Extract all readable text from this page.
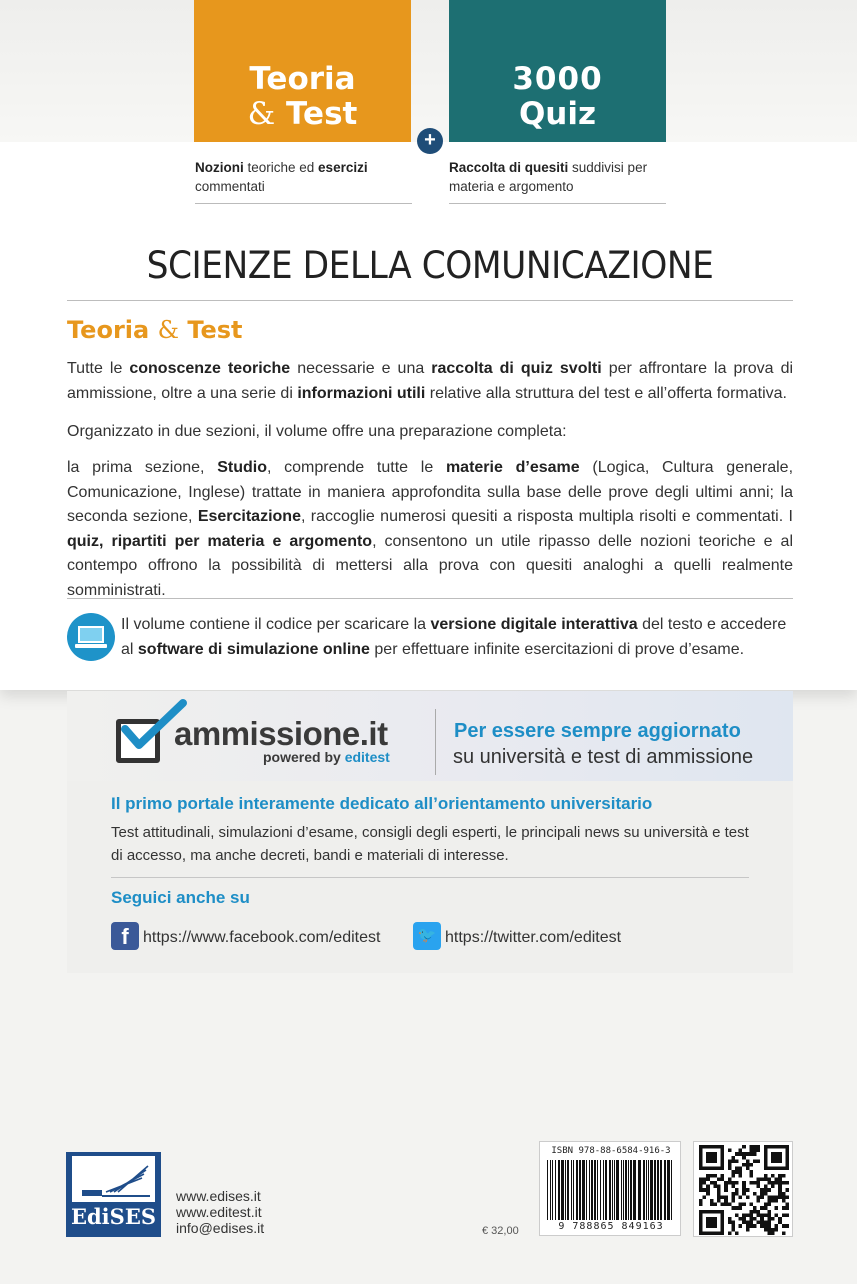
Teoria
& Test
3000
Quiz
+
Nozioni teoriche ed esercizi commentati
Raccolta di quesiti suddivisi per materia e argomento
SCIENZE DELLA COMUNICAZIONE
Teoria & Test
Tutte le conoscenze teoriche necessarie e una raccolta di quiz svolti per affrontare la prova di ammissione, oltre a una serie di informazioni utili relative alla struttura del test e all’offerta formativa.
Organizzato in due sezioni, il volume offre una preparazione completa:
la prima sezione, Studio, comprende tutte le materie d’esame (Logica, Cultura generale, Comunicazione, Inglese) trattate in maniera approfondita sulla base delle prove degli ultimi anni; la seconda sezione, Esercitazione, raccoglie numerosi quesiti a risposta multipla risolti e commentati. I quiz, ripartiti per materia e argomento, consentono un utile ripasso delle nozioni teoriche e al contempo offrono la possibilità di mettersi alla prova con quesiti analoghi a quelli realmente somministrati.
Il volume contiene il codice per scaricare la versione digitale interattiva del testo e accedere al software di simulazione online per effettuare infinite esercitazioni di prove d’esame.
ammissione.it
powered by editest
Per essere sempre aggiornato
su università e test di ammissione
Il primo portale interamente dedicato all’orientamento universitario
Test attitudinali, simulazioni d’esame, consigli degli esperti, le principali news su università e test di accesso, ma anche decreti, bandi e materiali di interesse.
Seguici anche su
f https://www.facebook.com/editest	🐦 https://twitter.com/editest
EdiSES
www.edises.it
www.editest.it
info@edises.it	€ 32,00
ISBN 978-88-6584-916-3
9 788865 849163
